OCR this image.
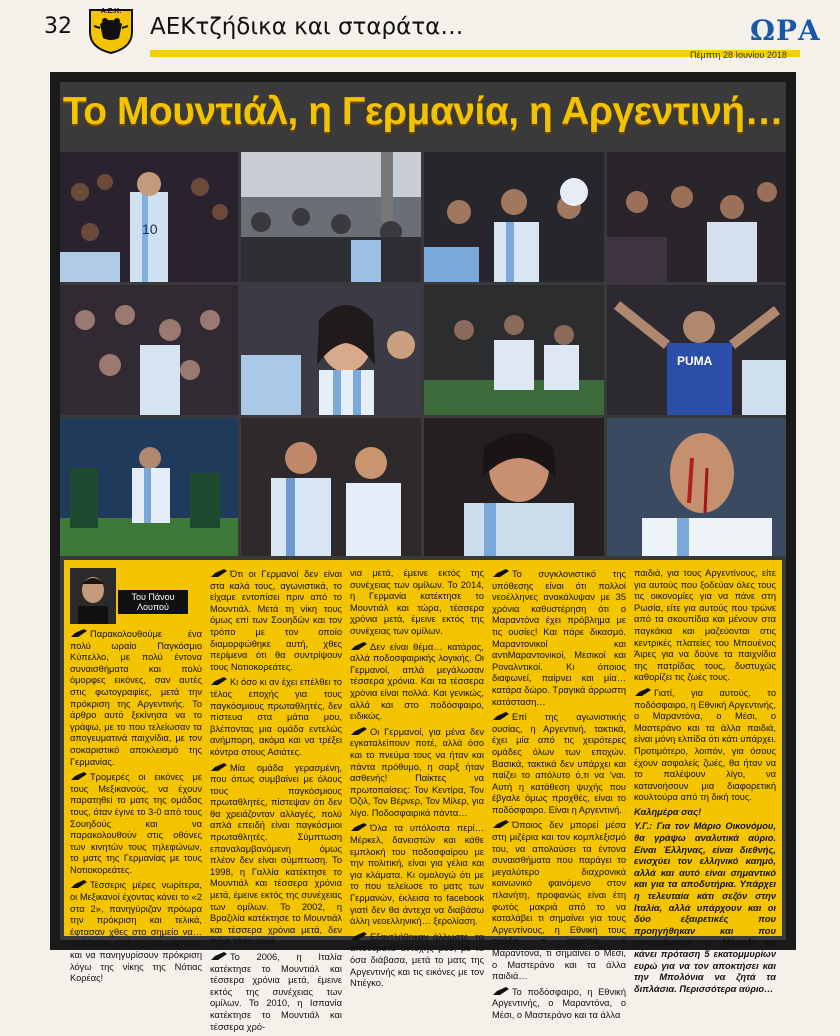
32
Α.Ε.Κ.
ΑΕΚτζήδικα και σταράτα…	ΩΡΑ
Πέμπτη 28 Ιουνίου 2018
Το Μουντιάλ, η Γερμανία, η Αργεντινή…
10
PUMA
Του Πάνου Λουπού

Παρακολουθούμε ένα πολύ ωραίο Παγκόσμιο Κύπελλο, με πολύ έντονα συναισθήματα και πολύ όμορφες εικόνες, σαν αυτές στις φωτογραφίες, μετά την πρόκριση της Αργεντινής. Το άρθρο αυτό ξεκίνησα να το γράφω, με το που τελείωσαν τα απογευματινά παιχνίδια, με τον σοκαριστικό αποκλεισμό της Γερμανίας.

Τρομερές οι εικόνες με τους Μεξικανούς, να έχουν παρατηθεί το ματς της ομάδας τους, όταν έγινε το 3-0 από τους Σουηδούς και να παρακολουθούν στις οθόνες των κινητών τους τηλεφώνων, το ματς της Γερμανίας με τους Νοτιοκορεάτες.

Τέσσερις μέρες νωρίτερα, οι Μεξικανοί έχοντας κάνει το «2 στα 2», πανηγύριζαν πρόωρα την πρόκριση και τελικά, έφτασαν χθες στο σημείο να… πεθάνουν από την αγωνία τους και να πανηγυρίσουν πρόκριση λόγω της νίκης της Νότιας Κορέας!

Ότι οι Γερμανοί δεν είναι στα καλά τους, αγωνιστικά, το είχαμε εντοπίσει πριν από το Μουντιάλ. Μετά τη νίκη τους όμως επί των Σουηδών και τον τρόπο με τον οποίο διαμορφώθηκε αυτή, χθες περίμενα ότι θα συντρίψουν τους Νοτιοκορεάτες.

Κι όσο κι αν έχει επέλθει το τέλος εποχής για τους παγκόσμιους πρωταθλητές, δεν πίστευα στα μάτια μου, βλέποντας μια ομάδα εντελώς ανήμπορη, ακόμα και να τρέξει κόντρα στους Ασιάτες.

Μία ομάδα γερασμένη, που όπως συμβαίνει με όλους τους παγκόσμιους πρωταθλητές, πίστεψαν ότι δεν θα χρειάζονταν αλλαγές, πολύ απλά επειδή είναι παγκόσμιοι πρωταθλητές. Σύμπτωση επαναλαμβανόμενη όμως πλέον δεν είναι σύμπτωση. Το 1998, η Γαλλία κατέκτησε το Μουντιάλ και τέσσερα χρόνια μετά, έμεινε εκτός της συνέχειας των ομίλων. Το 2002, η Βραζιλία κατέκτησε το Μουντιάλ και τέσσερα χρόνια μετά, δεν πήγε τόσο καλά.

Το 2006, η Ιταλία κατέκτησε το Μουντιάλ και τέσσερα χρόνια μετά, έμεινε εκτός της συνέχειας των ομίλων. Το 2010, η Ισπανία κατέκτησε το Μουντιάλ και τέσσερα χρό-

νια μετά, έμεινε εκτός της συνέχειας των ομίλων. Το 2014, η Γερμανία κατέκτησε το Μουντιάλ και τώρα, τέσσερα χρόνια μετά, έμεινε εκτός της συνέχειας των ομίλων.

Δεν είναι θέμα… κατάρας, αλλά ποδοσφαιρικής λογικής. Οι Γερμανοί, απλά μεγάλωσαν τέσσερα χρόνια. Και τα τέσσερα χρόνια είναι πολλά. Και γενικώς, αλλά και στο ποδόσφαιρο, ειδικώς.

Οι Γερμανοί, για μένα δεν εγκαταλείπουν ποτέ, αλλά όσο και το πνεύμα τους να ήταν και πάντα πρόθυμο, η σαρξ ήταν ασθενής! Παίκτες να πρωτοπαίσεις: Τον Κεντίρα, Τον Όζιλ, Τον Βέρνερ, Τον Μίλερ, για λίγο. Ποδοσφαιρικά πάντα…

Όλα τα υπόλοιπα περί… Μέρκελ, δανειστών και κάθε εμπλοκή του ποδοσφαίρου με την πολιτική, είναι για γέλια και για κλάματα. Κι ομολογώ ότι με το που τελείωσε το ματς των Γερμανών, έκλεισα το facebook γιατί δεν θα άντεχα να διαβάσω άλλη νεοελληνική… ξερολίαση.

Εξαντλήθηκαν άλλωστε, τα αποθέματα αντοχής μου, με τα όσα διάβασα, μετά το ματς της Αργεντινής και τις εικόνες με τον Ντιέγκο.

Το συγκλονιστικό της υπόθεσης είναι ότι πολλοί νεοέλληνες ανακάλυψαν με 35 χρόνια καθυστέρηση ότι ο Μαραντόνα έχει πρόβλημα με τις ουσίες! Και πάρε δικασμό. Μαραντονικοί και αντιΜαραντονικοί, Μεσικοί και Ροναλντικοί. Κι όποιος διαφωνεί, παίρνει και μία… κατάρα δώρο. Τραγικά άρρωστη κατάσταση…

Επί της αγωνιστικής ουσίας, η Αργεντινή, τακτικά, έχει μία από τις χειρότερες ομάδες όλων των εποχών. Βασικά, τακτικά δεν υπάρχει και παίζει το απόλυτο ό,τι να 'ναι. Αυτή η κατάθεση ψυχής που έβγαλε όμως προχθές, είναι το ποδόσφαιρο. Είναι η Αργεντινή.

Όποιος δεν μπορεί μέσα στη μιζέρια και τον κομπλεξισμό του, να απολαύσει τα έντονα συναισθήματα που παράγει το μεγαλύτερο διαχρονικά κοινωνικό φαινόμενο στον πλανήτη, προφανώς είναι έτη φωτός μακριά από το να καταλάβει τι σημαίνει για τους Αργεντίνους, η Εθνική τους ομάδα, τι σημαίνει ο Μαραντόνα, τι σημαίνει ο Μέσι, ο Μαστεράνο και τα άλλα παιδιά…

Το ποδόσφαιρο, η Εθνική Αργεντινής, ο Μαραντόνα, ο Μέσι, ο Μαστεράνο και τα άλλα

παιδιά, για τους Αργεντίνους, είτε για αυτούς που ξοδεύαν όλες τους τις οικονομίες για να πάνε στη Ρωσία, είτε για αυτούς που τρώνε από τα σκουπίδια και μένουν στα παγκάκια και μαζεύονται στις κεντρικές πλατείες του Μπουένος Άιρες για να δούνε τα παιχνίδια της πατρίδας τους, δυστυχώς καθορίζει τις ζωές τους.

Γιατί, για αυτούς, το ποδόσφαιρο, η Εθνική Αργεντινής, ο Μαραντόνα, ο Μέσι, ο Μαστεράνο και τα άλλα παιδιά, είναι μόνη ελπίδα ότι κάτι υπάρχει. Προτιμότερο, λοιπόν, για όσους έχουν ασφαλείς ζωές, θα ήταν να το παλέψουν λίγο, να κατανοήσουν μια διαφορετική κουλτούρα από τη δική τους.

Καλημέρα σας!

Υ.Γ.: Για τον Μάριο Οικονόμου, θα γράψω αναλυτικά αύριο. Είναι Έλληνας, είναι διεθνής, ενισχύει τον ελληνικό καημό, αλλά και αυτό είναι σημαντικό και για τα αποδυτήρια. Υπάρχει η τελευταία κάτι σεζόν στην Ιταλία, αλλά υπάρχουν και οι δύο εξαιρετικές που προηγήθηκαν και που υποχρέωσαν τη Νάπολι να κάνει πρόταση 5 εκατομμυρίων ευρώ για να τον αποκτήσει και την Μπολόνια να ζητά τα διπλάσια. Περισσότερα αύριο…
